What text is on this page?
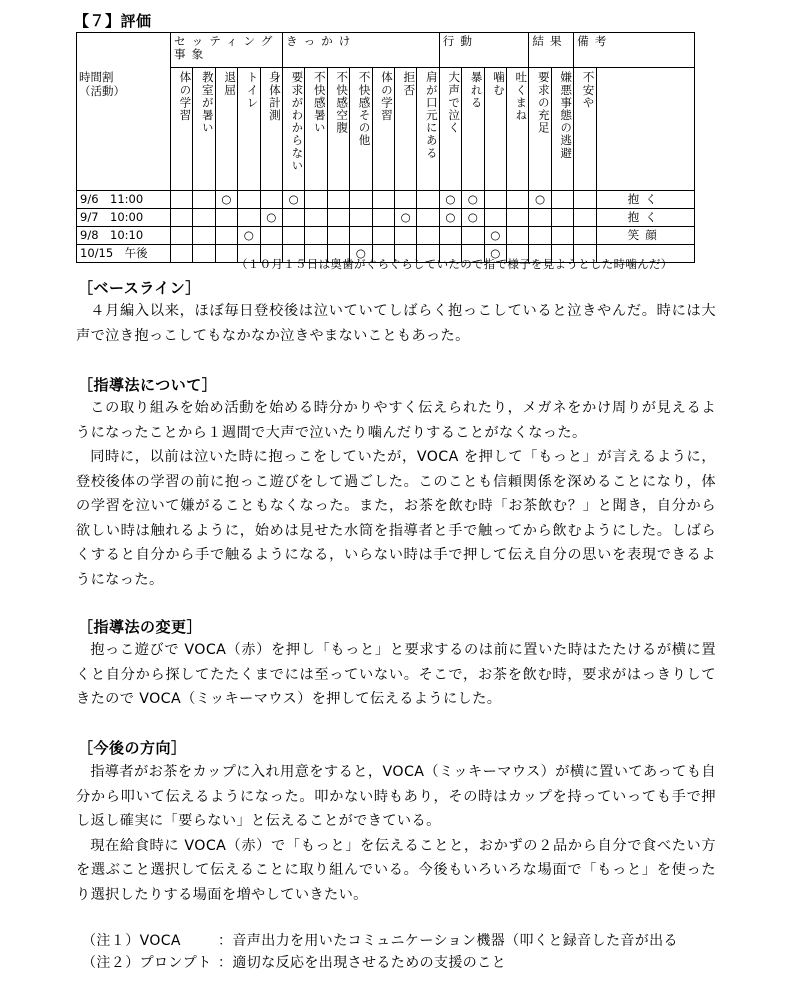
【７】評価
	セッティング事象					きっかけ							行動				結果		備考	
時間割
（活動）	体の学習	教室が暑い	退屈	トイレ	身体計測	要求がわからない	不快感暑い	不快感空腹	不快感その他	体の学習	拒否	肩が口元にある	大声で泣く	暴れる	噛む	吐くまね	要求の充足	嫌悪事態の逃避	不安や	
9/6　11:00			○			○							○	○			○			抱く
9/7　10:00					○						○		○	○						抱く
9/8　10:10				○											○					笑顔
10/15　午後									○						○					
（１０月１５日は奥歯がぐらぐらしていたので指で様子を見ようとした時噛んだ）
［ベースライン］

４月編入以来，ほぼ毎日登校後は泣いていてしばらく抱っこしていると泣きやんだ。時には大声で泣き抱っこしてもなかなか泣きやまないこともあった。

［指導法について］

この取り組みを始め活動を始める時分かりやすく伝えられたり，メガネをかけ周りが見えるようになったことから１週間で大声で泣いたり噛んだりすることがなくなった。

同時に，以前は泣いた時に抱っこをしていたが，VOCA を押して「もっと」が言えるように，登校後体の学習の前に抱っこ遊びをして過ごした。このことも信頼関係を深めることになり，体の学習を泣いて嫌がることもなくなった。また，お茶を飲む時「お茶飲む？」と聞き，自分から欲しい時は触れるように，始めは見せた水筒を指導者と手で触ってから飲むようにした。しばらくすると自分から手で触るようになる，いらない時は手で押して伝え自分の思いを表現できるようになった。

［指導法の変更］

抱っこ遊びで VOCA（赤）を押し「もっと」と要求するのは前に置いた時はたたけるが横に置くと自分から探してたたくまでには至っていない。そこで，お茶を飲む時，要求がはっきりしてきたので VOCA（ミッキーマウス）を押して伝えるようにした。

［今後の方向］

指導者がお茶をカップに入れ用意をすると，VOCA（ミッキーマウス）が横に置いてあっても自分から叩いて伝えるようになった。叩かない時もあり，その時はカップを持っていっても手で押し返し確実に「要らない」と伝えることができている。

現在給食時に VOCA（赤）で「もっと」を伝えることと，おかずの２品から自分で食べたい方を選ぶこと選択して伝えることに取り組んでいる。今後もいろいろな場面で「もっと」を使ったり選択したりする場面を増やしていきたい。

（注１）VOCA	：音声出力を用いたコミュニケーション機器（叩くと録音した音が出る
（注２）プロンプト ：適切な反応を出現させるための支援のこと
